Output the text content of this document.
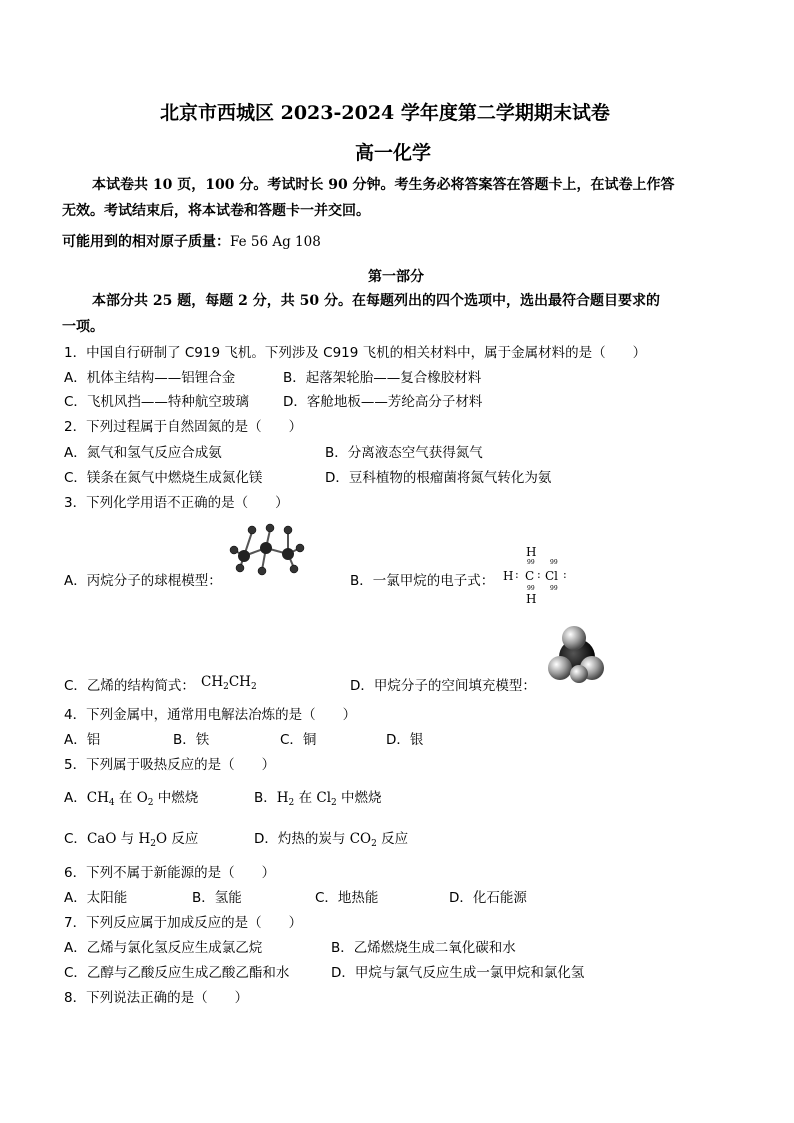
北京市西城区 2023-2024 学年度第二学期期末试卷
高一化学
本试卷共 10 页，100 分。考试时长 90 分钟。考生务必将答案答在答题卡上，在试卷上作答
无效。考试结束后，将本试卷和答题卡一并交回。
可能用到的相对原子质量：Fe 56 Ag 108
第一部分
本部分共 25 题，每题 2 分，共 50 分。在每题列出的四个选项中，选出最符合题目要求的
一项。
1．中国自行研制了 C919 飞机。下列涉及 C919 飞机的相关材料中，属于金属材料的是（　　）
A．机体主结构——铝锂合金	B．起落架轮胎——复合橡胶材料
C．飞机风挡——特种航空玻璃	D．客舱地板——芳纶高分子材料
2．下列过程属于自然固氮的是（　　）
A．氮气和氢气反应合成氨	B．分离液态空气获得氮气
C．镁条在氮气中燃烧生成氮化镁	D．豆科植物的根瘤菌将氮气转化为氨
3．下列化学用语不正确的是（　　）
A．丙烷分子的球棍模型：	B．一氯甲烷的电子式：
H
99	99
H : C : Cl :
99	99
H
C．乙烯的结构简式： $CH_2CH_2$	D．甲烷分子的空间填充模型：
4．下列金属中，通常用电解法冶炼的是（　　）
A．铝	B．铁	C．铜	D．银
5．下列属于吸热反应的是（　　）
A．$CH_4$ 在 $O_2$ 中燃烧	B．$H_2$ 在 $Cl_2$ 中燃烧
C．CaO 与 $H_2O$ 反应	D．灼热的炭与 $CO_2$ 反应
6．下列不属于新能源的是（　　）
A．太阳能	B．氢能	C．地热能	D．化石能源
7．下列反应属于加成反应的是（　　）
A．乙烯与氯化氢反应生成氯乙烷	B．乙烯燃烧生成二氧化碳和水
C．乙醇与乙酸反应生成乙酸乙酯和水	D．甲烷与氯气反应生成一氯甲烷和氯化氢
8．下列说法正确的是（　　）
